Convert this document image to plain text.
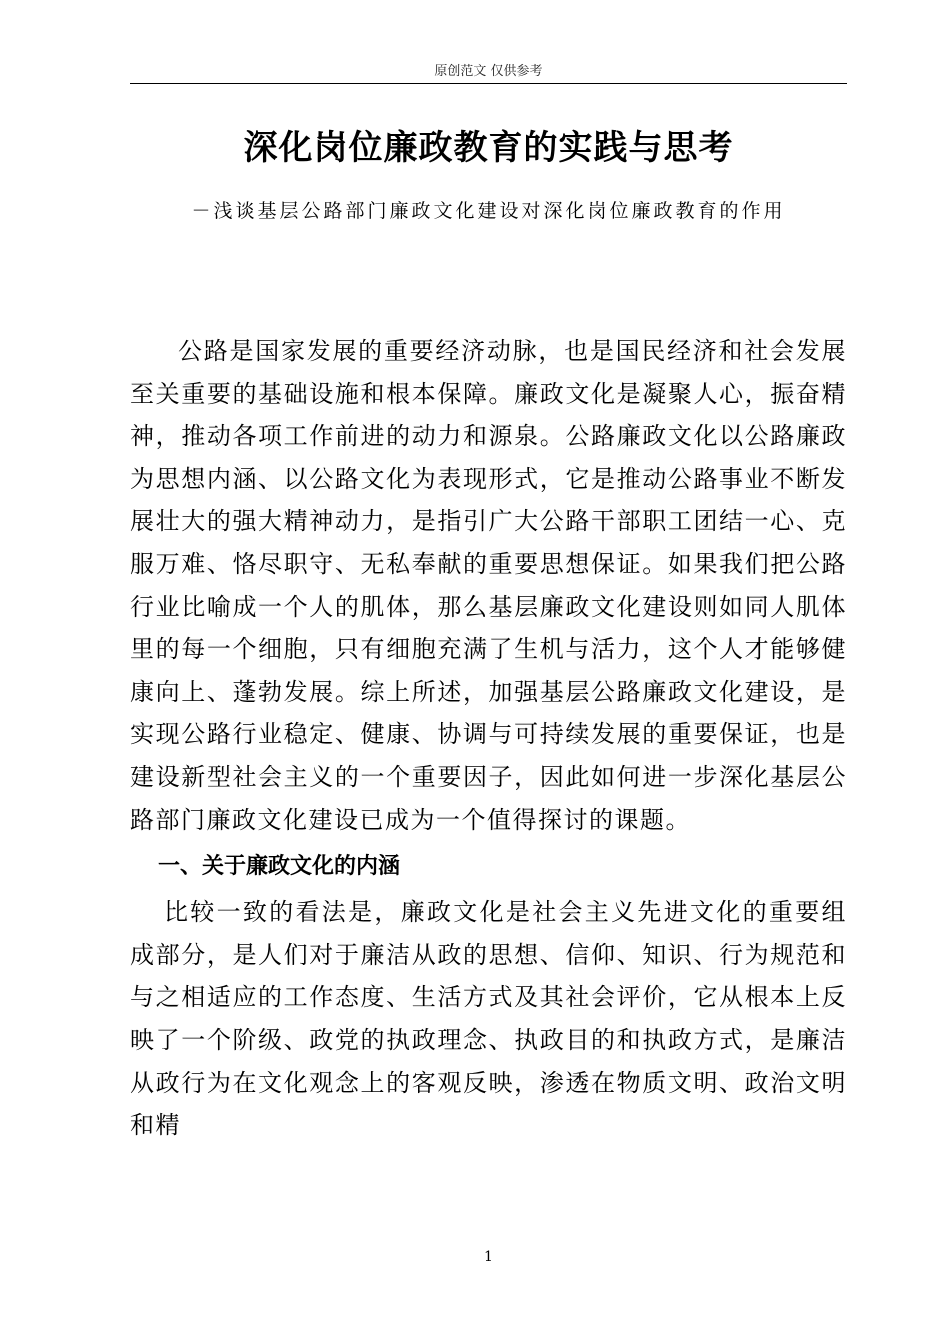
原创范文 仅供参考
深化岗位廉政教育的实践与思考
－浅谈基层公路部门廉政文化建设对深化岗位廉政教育的作用

公路是国家发展的重要经济动脉，也是国民经济和社会发展至关重要的基础设施和根本保障。廉政文化是凝聚人心，振奋精神，推动各项工作前进的动力和源泉。公路廉政文化以公路廉政为思想内涵、以公路文化为表现形式，它是推动公路事业不断发展壮大的强大精神动力，是指引广大公路干部职工团结一心、克服万难、恪尽职守、无私奉献的重要思想保证。如果我们把公路行业比喻成一个人的肌体，那么基层廉政文化建设则如同人肌体里的每一个细胞，只有细胞充满了生机与活力，这个人才能够健康向上、蓬勃发展。综上所述，加强基层公路廉政文化建设，是实现公路行业稳定、健康、协调与可持续发展的重要保证，也是建设新型社会主义的一个重要因子，因此如何进一步深化基层公路部门廉政文化建设已成为一个值得探讨的课题。

一、关于廉政文化的内涵

比较一致的看法是，廉政文化是社会主义先进文化的重要组成部分，是人们对于廉洁从政的思想、信仰、知识、行为规范和与之相适应的工作态度、生活方式及其社会评价，它从根本上反映了一个阶级、政党的执政理念、执政目的和执政方式，是廉洁从政行为在文化观念上的客观反映，渗透在物质文明、政治文明和精

1
